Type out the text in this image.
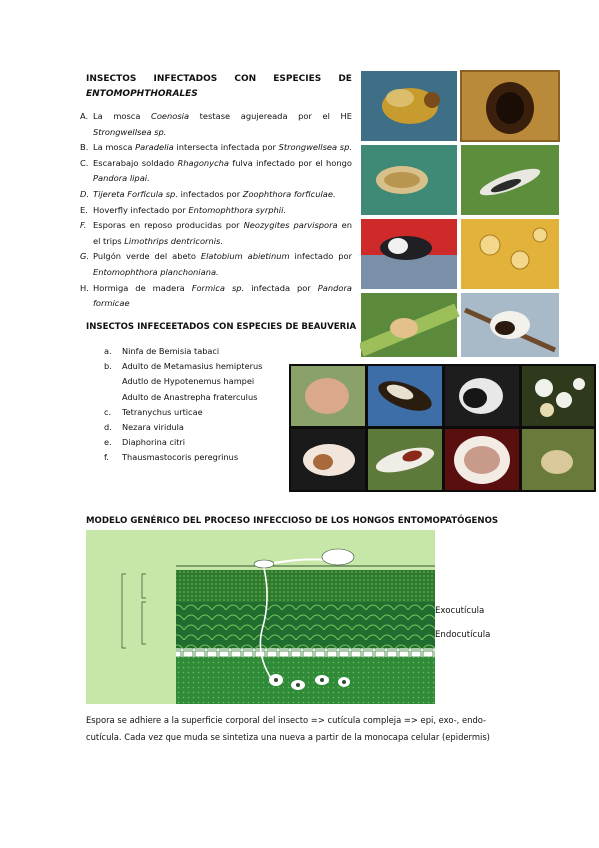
INSECTOS INFECTADOS CON ESPECIES DE
ENTOMOPHTHORALES
A. La mosca Coenosia testase agujereada por el HE Strongwellsea sp.
B. La mosca Paradelia intersecta infectada por Strongwellsea sp.
C. Escarabajo soldado Rhagonycha fulva infectado por el hongo Pandora lipai.
D. Tijereta Forficula sp. infectados por Zoophthora forficulae.
E. Hoverfly infectado por Entomophthora syrphii.
F. Esporas en reposo producidas por Neozygites parvispora en el trips Limothrips dentricornis.
G. Pulgón verde del abeto Elatobium abietinum infectado por Entomophthora planchoniana.
H. Hormiga de madera Formica sp. infectada por Pandora formicae
INSECTOS INFECEETADOS CON ESPECIES DE BEAUVERIA
a.	Ninfa de Bemisia tabaci
b.	Adulto de Metamasius hemipterus
Adutlo de Hypotenemus hampei
Adulto de Anastrepha fraterculus
c.	Tetranychus urticae
d.	Nezara viridula
e.	Diaphorina citri
f.	Thausmastocoris peregrinus
MODELO GENÉRICO DEL PROCESO INFECCIOSO DE LOS HONGOS ENTOMOPATÓGENOS
Exocutícula
Endocutícula
Espora se adhiere a la superficie corporal del insecto => cutícula compleja => epi, exo-, endo-cutícula. Cada vez que muda se sintetiza una nueva a partir de la monocapa celular (epidermis)
